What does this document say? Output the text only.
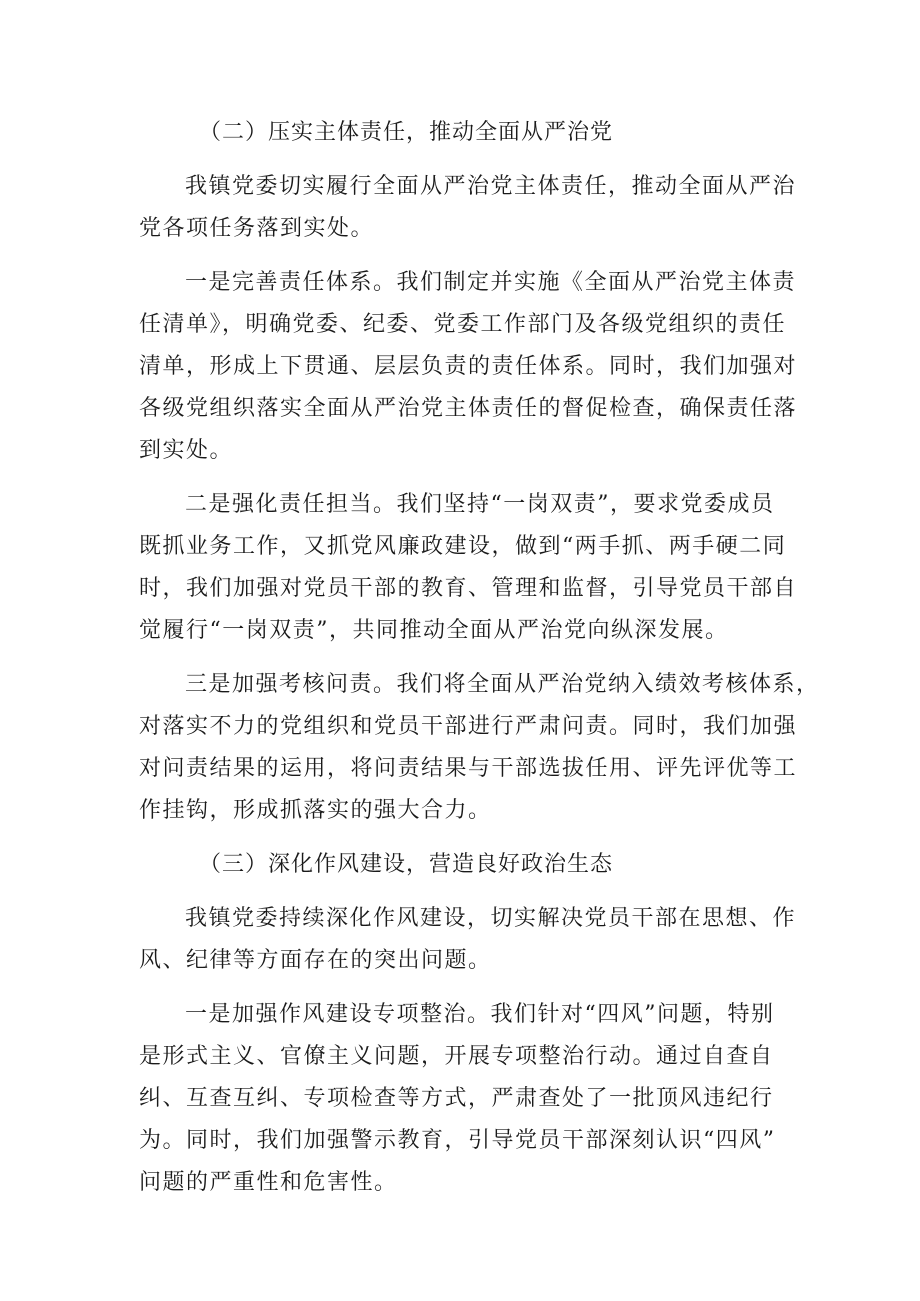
（二）压实主体责任，推动全面从严治党

我镇党委切实履行全面从严治党主体责任，推动全面从严治
党各项任务落到实处。

一是完善责任体系。我们制定并实施《全面从严治党主体责
任清单》，明确党委、纪委、党委工作部门及各级党组织的责任
清单，形成上下贯通、层层负责的责任体系。同时，我们加强对
各级党组织落实全面从严治党主体责任的督促检查，确保责任落
到实处。

二是强化责任担当。我们坚持“一岗双责”，要求党委成员
既抓业务工作，又抓党风廉政建设，做到“两手抓、两手硬二同
时，我们加强对党员干部的教育、管理和监督，引导党员干部自
觉履行“一岗双责”，共同推动全面从严治党向纵深发展。

三是加强考核问责。我们将全面从严治党纳入绩效考核体系，
对落实不力的党组织和党员干部进行严肃问责。同时，我们加强
对问责结果的运用，将问责结果与干部选拔任用、评先评优等工
作挂钩，形成抓落实的强大合力。

（三）深化作风建设，营造良好政治生态

我镇党委持续深化作风建设，切实解决党员干部在思想、作
风、纪律等方面存在的突出问题。

一是加强作风建设专项整治。我们针对“四风”问题，特别
是形式主义、官僚主义问题，开展专项整治行动。通过自查自
纠、互查互纠、专项检查等方式，严肃查处了一批顶风违纪行
为。同时，我们加强警示教育，引导党员干部深刻认识“四风”
问题的严重性和危害性。
